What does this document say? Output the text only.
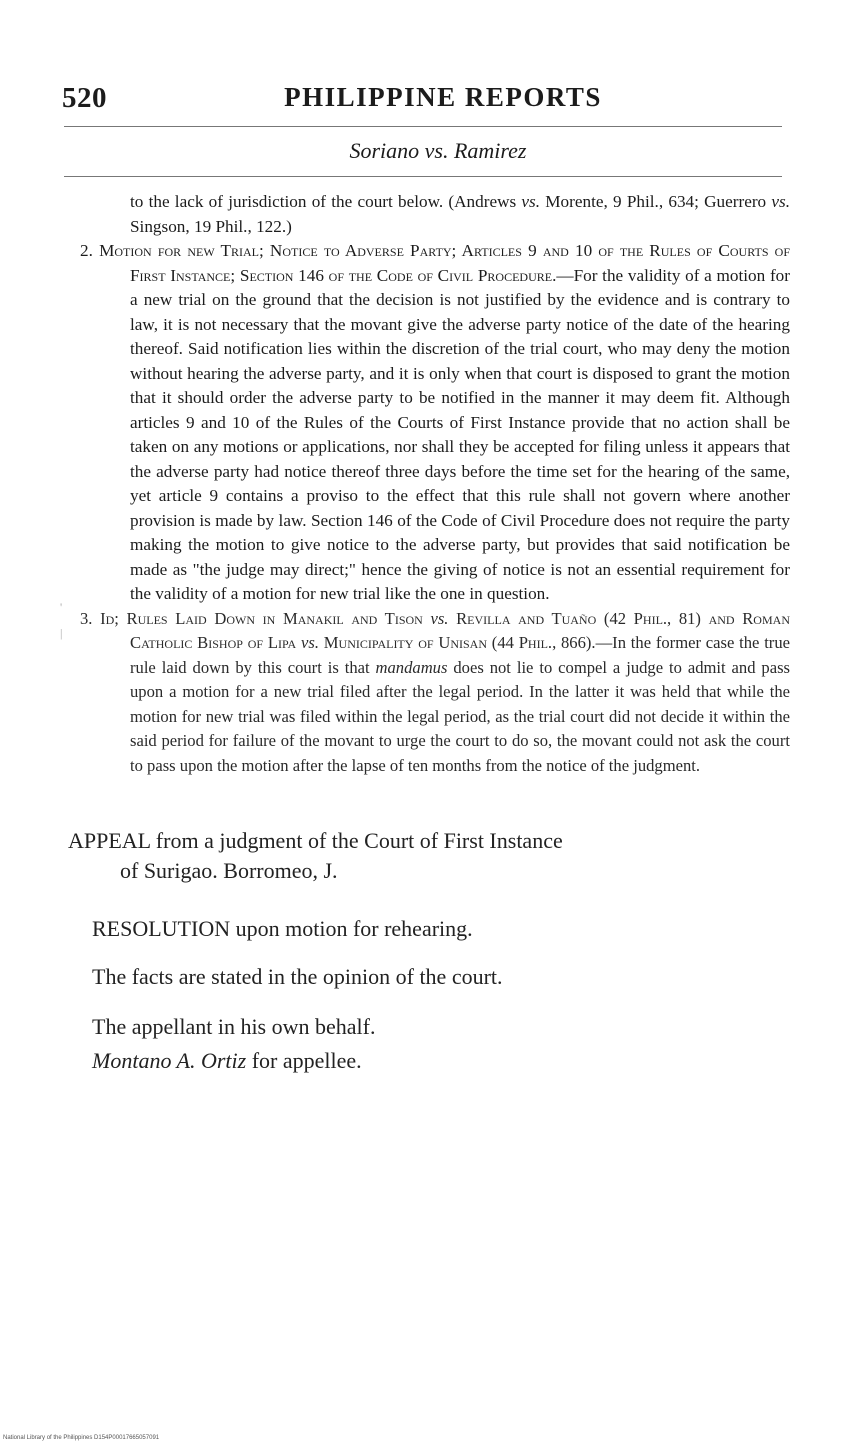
520	PHILIPPINE REPORTS
Soriano vs. Ramirez
'
|

to the lack of jurisdiction of the court below. (Andrews vs. Morente, 9 Phil., 634; Guerrero vs. Singson, 19 Phil., 122.)

2. Motion for new Trial; Notice to Adverse Party; Articles 9 and 10 of the Rules of Courts of First Instance; Section 146 of the Code of Civil Procedure.—For the validity of a motion for a new trial on the ground that the decision is not justified by the evidence and is contrary to law, it is not necessary that the movant give the adverse party notice of the date of the hearing thereof. Said notification lies within the discretion of the trial court, who may deny the motion without hearing the adverse party, and it is only when that court is disposed to grant the motion that it should order the adverse party to be notified in the manner it may deem fit. Although articles 9 and 10 of the Rules of the Courts of First Instance provide that no action shall be taken on any motions or applications, nor shall they be accepted for filing unless it appears that the adverse party had notice thereof three days before the time set for the hearing of the same, yet article 9 contains a proviso to the effect that this rule shall not govern where another provision is made by law. Section 146 of the Code of Civil Procedure does not require the party making the motion to give notice to the adverse party, but provides that said notification be made as "the judge may direct;" hence the giving of notice is not an essential requirement for the validity of a motion for new trial like the one in question.

3. Id; Rules Laid Down in Manakil and Tison vs. Revilla and Tuaño (42 Phil., 81) and Roman Catholic Bishop of Lipa vs. Municipality of Unisan (44 Phil., 866).—In the former case the true rule laid down by this court is that mandamus does not lie to compel a judge to admit and pass upon a motion for a new trial filed after the legal period. In the latter it was held that while the motion for new trial was filed within the legal period, as the trial court did not decide it within the said period for failure of the movant to urge the court to do so, the movant could not ask the court to pass upon the motion after the lapse of ten months from the notice of the judgment.

APPEAL from a judgment of the Court of First Instance
of Surigao. Borromeo, J.

RESOLUTION upon motion for rehearing.

The facts are stated in the opinion of the court.

The appellant in his own behalf.

Montano A. Ortiz for appellee.

National Library of the Philippines D154P00017665057091
